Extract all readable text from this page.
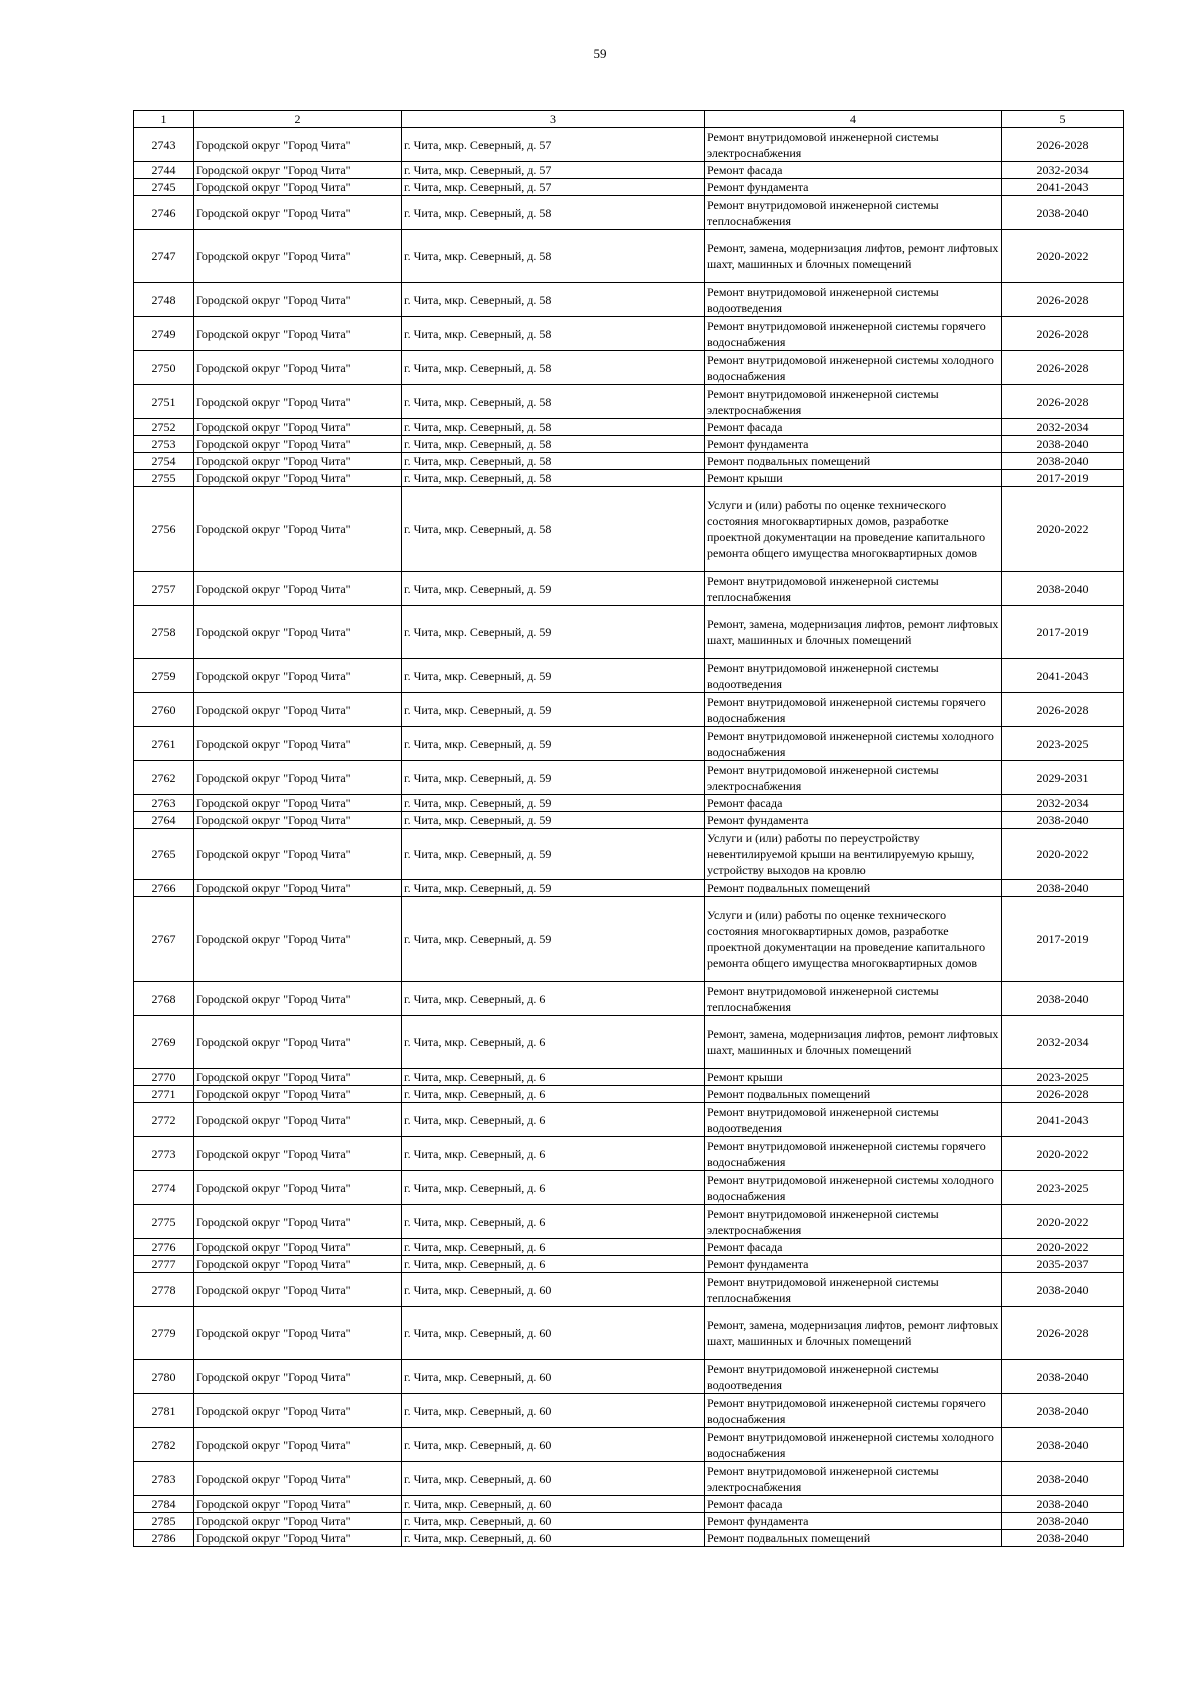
59
1	2	3	4	5
2743	Городской округ "Город Чита"	г. Чита, мкр. Северный, д. 57	Ремонт внутридомовой инженерной системы электроснабжения	2026-2028
2744	Городской округ "Город Чита"	г. Чита, мкр. Северный, д. 57	Ремонт фасада	2032-2034
2745	Городской округ "Город Чита"	г. Чита, мкр. Северный, д. 57	Ремонт фундамента	2041-2043
2746	Городской округ "Город Чита"	г. Чита, мкр. Северный, д. 58	Ремонт внутридомовой инженерной системы теплоснабжения	2038-2040
2747	Городской округ "Город Чита"	г. Чита, мкр. Северный, д. 58	Ремонт, замена, модернизация лифтов, ремонт лифтовых шахт, машинных и блочных помещений	2020-2022
2748	Городской округ "Город Чита"	г. Чита, мкр. Северный, д. 58	Ремонт внутридомовой инженерной системы водоотведения	2026-2028
2749	Городской округ "Город Чита"	г. Чита, мкр. Северный, д. 58	Ремонт внутридомовой инженерной системы горячего водоснабжения	2026-2028
2750	Городской округ "Город Чита"	г. Чита, мкр. Северный, д. 58	Ремонт внутридомовой инженерной системы холодного водоснабжения	2026-2028
2751	Городской округ "Город Чита"	г. Чита, мкр. Северный, д. 58	Ремонт внутридомовой инженерной системы электроснабжения	2026-2028
2752	Городской округ "Город Чита"	г. Чита, мкр. Северный, д. 58	Ремонт фасада	2032-2034
2753	Городской округ "Город Чита"	г. Чита, мкр. Северный, д. 58	Ремонт фундамента	2038-2040
2754	Городской округ "Город Чита"	г. Чита, мкр. Северный, д. 58	Ремонт подвальных помещений	2038-2040
2755	Городской округ "Город Чита"	г. Чита, мкр. Северный, д. 58	Ремонт крыши	2017-2019
2756	Городской округ "Город Чита"	г. Чита, мкр. Северный, д. 58	Услуги и (или) работы по оценке технического состояния многоквартирных домов, разработке проектной документации на проведение капитального ремонта общего имущества многоквартирных домов	2020-2022
2757	Городской округ "Город Чита"	г. Чита, мкр. Северный, д. 59	Ремонт внутридомовой инженерной системы теплоснабжения	2038-2040
2758	Городской округ "Город Чита"	г. Чита, мкр. Северный, д. 59	Ремонт, замена, модернизация лифтов, ремонт лифтовых шахт, машинных и блочных помещений	2017-2019
2759	Городской округ "Город Чита"	г. Чита, мкр. Северный, д. 59	Ремонт внутридомовой инженерной системы водоотведения	2041-2043
2760	Городской округ "Город Чита"	г. Чита, мкр. Северный, д. 59	Ремонт внутридомовой инженерной системы горячего водоснабжения	2026-2028
2761	Городской округ "Город Чита"	г. Чита, мкр. Северный, д. 59	Ремонт внутридомовой инженерной системы холодного водоснабжения	2023-2025
2762	Городской округ "Город Чита"	г. Чита, мкр. Северный, д. 59	Ремонт внутридомовой инженерной системы электроснабжения	2029-2031
2763	Городской округ "Город Чита"	г. Чита, мкр. Северный, д. 59	Ремонт фасада	2032-2034
2764	Городской округ "Город Чита"	г. Чита, мкр. Северный, д. 59	Ремонт фундамента	2038-2040
2765	Городской округ "Город Чита"	г. Чита, мкр. Северный, д. 59	Услуги и (или) работы по переустройству невентилируемой крыши на вентилируемую крышу, устройству выходов на кровлю	2020-2022
2766	Городской округ "Город Чита"	г. Чита, мкр. Северный, д. 59	Ремонт подвальных помещений	2038-2040
2767	Городской округ "Город Чита"	г. Чита, мкр. Северный, д. 59	Услуги и (или) работы по оценке технического состояния многоквартирных домов, разработке проектной документации на проведение капитального ремонта общего имущества многоквартирных домов	2017-2019
2768	Городской округ "Город Чита"	г. Чита, мкр. Северный, д. 6	Ремонт внутридомовой инженерной системы теплоснабжения	2038-2040
2769	Городской округ "Город Чита"	г. Чита, мкр. Северный, д. 6	Ремонт, замена, модернизация лифтов, ремонт лифтовых шахт, машинных и блочных помещений	2032-2034
2770	Городской округ "Город Чита"	г. Чита, мкр. Северный, д. 6	Ремонт крыши	2023-2025
2771	Городской округ "Город Чита"	г. Чита, мкр. Северный, д. 6	Ремонт подвальных помещений	2026-2028
2772	Городской округ "Город Чита"	г. Чита, мкр. Северный, д. 6	Ремонт внутридомовой инженерной системы водоотведения	2041-2043
2773	Городской округ "Город Чита"	г. Чита, мкр. Северный, д. 6	Ремонт внутридомовой инженерной системы горячего водоснабжения	2020-2022
2774	Городской округ "Город Чита"	г. Чита, мкр. Северный, д. 6	Ремонт внутридомовой инженерной системы холодного водоснабжения	2023-2025
2775	Городской округ "Город Чита"	г. Чита, мкр. Северный, д. 6	Ремонт внутридомовой инженерной системы электроснабжения	2020-2022
2776	Городской округ "Город Чита"	г. Чита, мкр. Северный, д. 6	Ремонт фасада	2020-2022
2777	Городской округ "Город Чита"	г. Чита, мкр. Северный, д. 6	Ремонт фундамента	2035-2037
2778	Городской округ "Город Чита"	г. Чита, мкр. Северный, д. 60	Ремонт внутридомовой инженерной системы теплоснабжения	2038-2040
2779	Городской округ "Город Чита"	г. Чита, мкр. Северный, д. 60	Ремонт, замена, модернизация лифтов, ремонт лифтовых шахт, машинных и блочных помещений	2026-2028
2780	Городской округ "Город Чита"	г. Чита, мкр. Северный, д. 60	Ремонт внутридомовой инженерной системы водоотведения	2038-2040
2781	Городской округ "Город Чита"	г. Чита, мкр. Северный, д. 60	Ремонт внутридомовой инженерной системы горячего водоснабжения	2038-2040
2782	Городской округ "Город Чита"	г. Чита, мкр. Северный, д. 60	Ремонт внутридомовой инженерной системы холодного водоснабжения	2038-2040
2783	Городской округ "Город Чита"	г. Чита, мкр. Северный, д. 60	Ремонт внутридомовой инженерной системы электроснабжения	2038-2040
2784	Городской округ "Город Чита"	г. Чита, мкр. Северный, д. 60	Ремонт фасада	2038-2040
2785	Городской округ "Город Чита"	г. Чита, мкр. Северный, д. 60	Ремонт фундамента	2038-2040
2786	Городской округ "Город Чита"	г. Чита, мкр. Северный, д. 60	Ремонт подвальных помещений	2038-2040
